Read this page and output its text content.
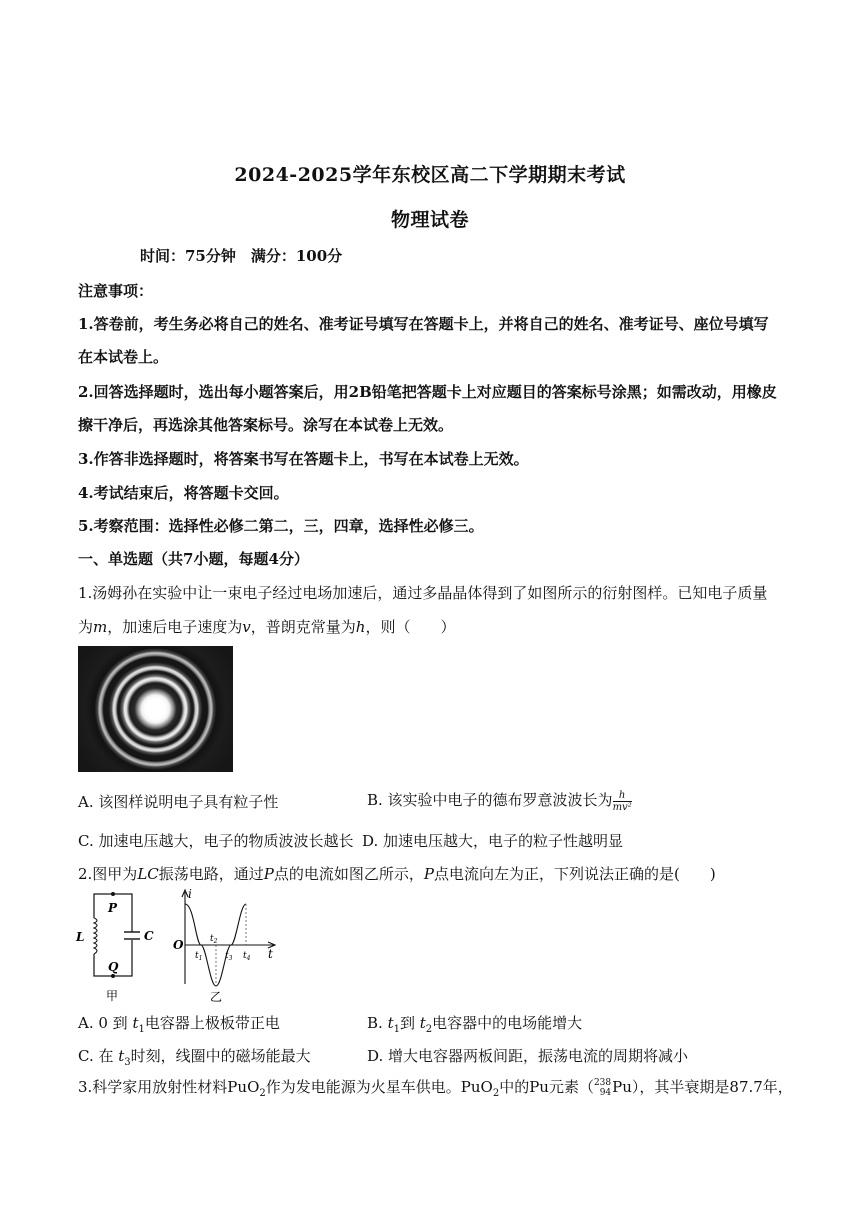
2024-2025学年东校区高二下学期期末考试
物理试卷
时间：75分钟　满分：100分
注意事项：
1.答卷前，考生务必将自己的姓名、准考证号填写在答题卡上，并将自己的姓名、准考证号、座位号填写
在本试卷上。
2.回答选择题时，选出每小题答案后，用2B铅笔把答题卡上对应题目的答案标号涂黑；如需改动，用橡皮
擦干净后，再选涂其他答案标号。涂写在本试卷上无效。
3.作答非选择题时，将答案书写在答题卡上，书写在本试卷上无效。
4.考试结束后，将答题卡交回。
5.考察范围：选择性必修二第二，三，四章，选择性必修三。
一、单选题（共7小题，每题4分）
1.汤姆孙在实验中让一束电子经过电场加速后，通过多晶晶体得到了如图所示的衍射图样。已知电子质量
为m，加速后电子速度为v，普朗克常量为h，则（　　）
A. 该图样说明电子具有粒子性	B. 该实验中电子的德布罗意波波长为 $\frac{h}{\text{mv²}}$
C. 加速电压越大，电子的物质波波长越长 D. 加速电压越大，电子的粒子性越明显
2.图甲为LC振荡电路，通过P点的电流如图乙所示，P点电流向左为正，下列说法正确的是(　　)
P
Q
L	C
甲
i
O
t
$t_1$
$t_2$
$t_3$ $t_4$
乙
A. 0 到 $t_1$电容器上极板带正电	B. $t_1$到 $t_2$电容器中的电场能增大
C. 在 $t_3$时刻，线圈中的磁场能最大	D. 增大电容器两板间距，振荡电流的周期将减小
3.科学家用放射性材料PuO$_2$作为发电能源为火星车供电。PuO$_2$中的Pu元素（ 238
94 Pu），其半衰期是87.7年，
